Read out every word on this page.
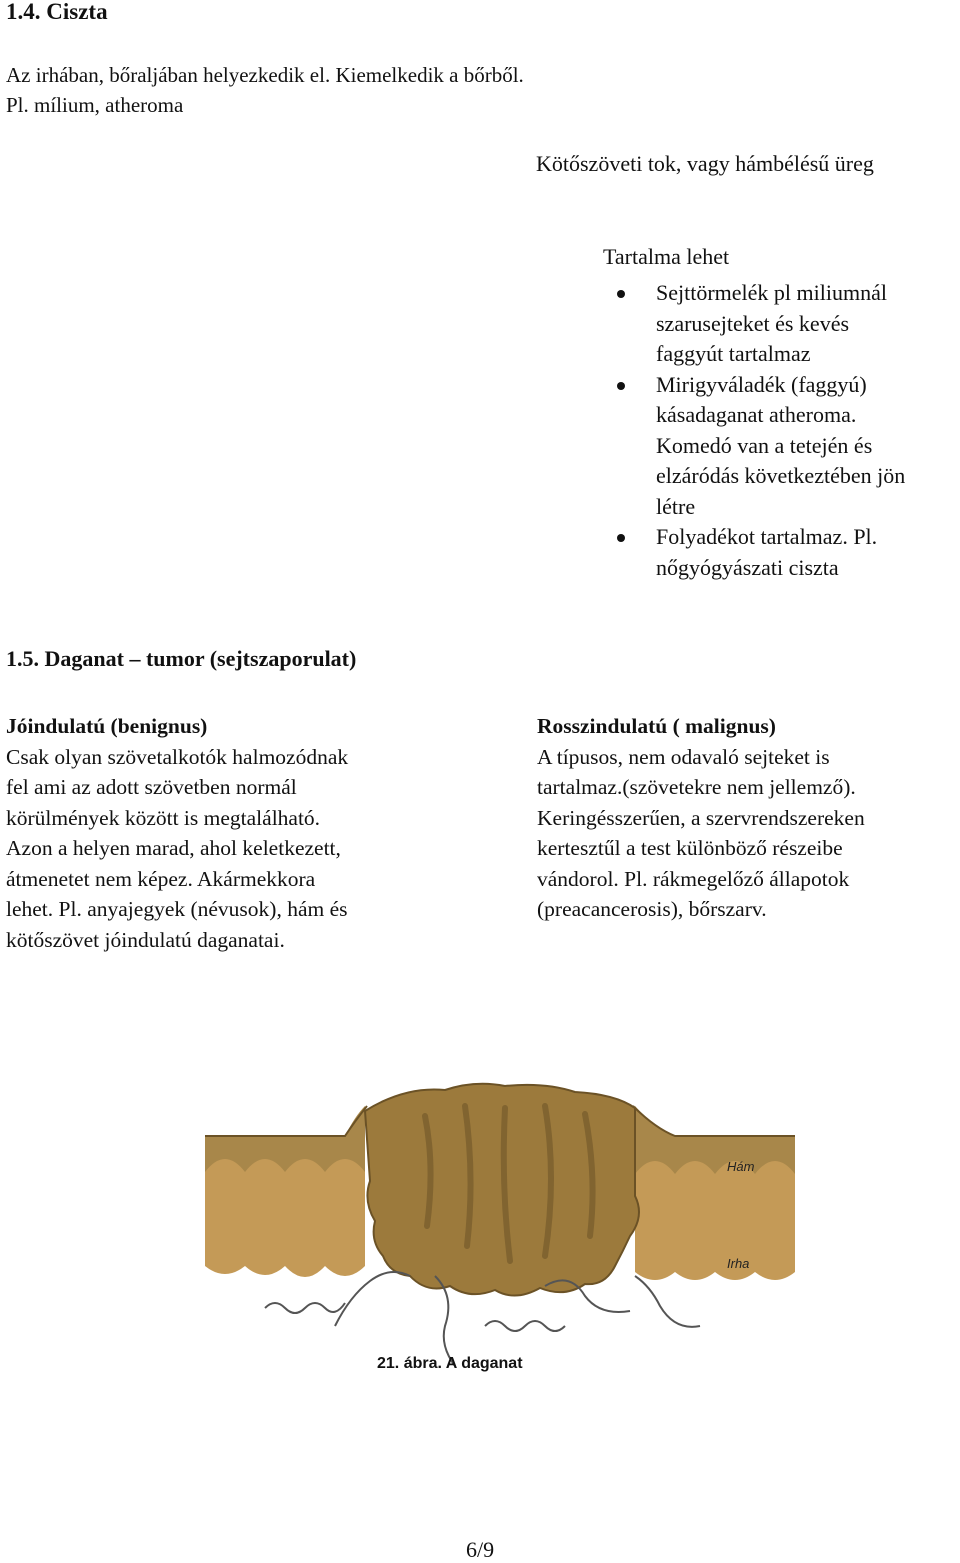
1.4. Ciszta
Az irhában, bőraljában helyezkedik el. Kiemelkedik a bőrből.
Pl. mílium, atheroma
Kötőszöveti tok, vagy hámbélésű üreg
Tartalma lehet
Sejttörmelék pl miliumnál
szarusejteket és kevés
faggyút tartalmaz
Mirigyváladék (faggyú)
kásadaganat atheroma.
Komedó van a tetején és
elzáródás következtében jön
létre
Folyadékot tartalmaz. Pl.
nőgyógyászati ciszta
1.5. Daganat – tumor (sejtszaporulat)
Jóindulatú (benignus)
Csak olyan szövetalkotók halmozódnak
fel ami az adott szövetben normál
körülmények között is megtalálható.
Azon a helyen marad, ahol keletkezett,
átmenetet nem képez. Akármekkora
lehet. Pl. anyajegyek (névusok), hám és
kötőszövet jóindulatú daganatai.
Rosszindulatú ( malignus)
A típusos, nem odavaló sejteket is
tartalmaz.(szövetekre nem jellemző).
Keringésszerűen, a szervrendszereken
kertesztűl a test különböző részeibe
vándorol. Pl. rákmegelőző állapotok
(preacancerosis), bőrszarv.
Hám
Irha
21. ábra. A daganat
6/9
